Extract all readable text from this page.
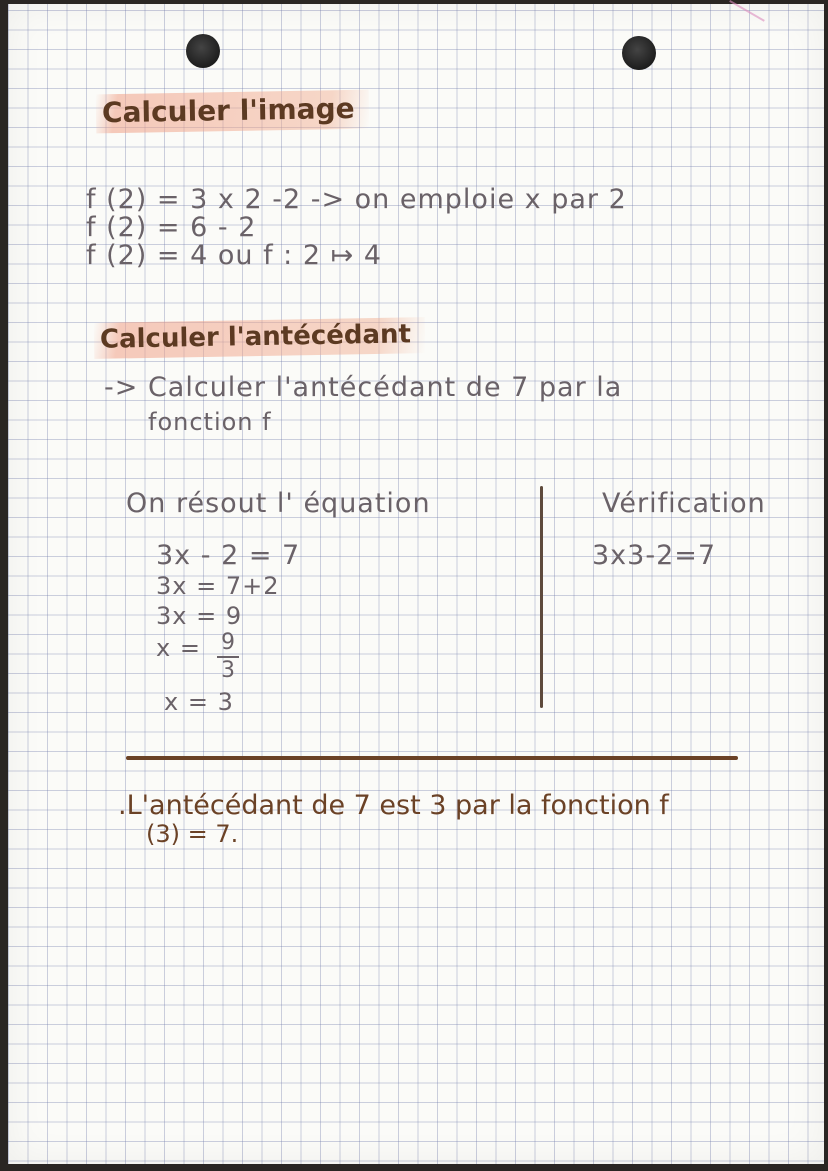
Calculer l'image
f (2) = 3 x 2 -2 -> on emploie x par 2
f (2) = 6 - 2
f (2) = 4 ou f : 2 ↦ 4
Calculer l'antécédant
-> Calculer l'antécédant de 7 par la
fonction f
On résout l' équation
3x - 2 = 7
3x = 7+2
3x = 9
x = 9
3
x = 3
Vérification
3x3-2=7
.L'antécédant de 7 est 3 par la fonction f
(3) = 7.
